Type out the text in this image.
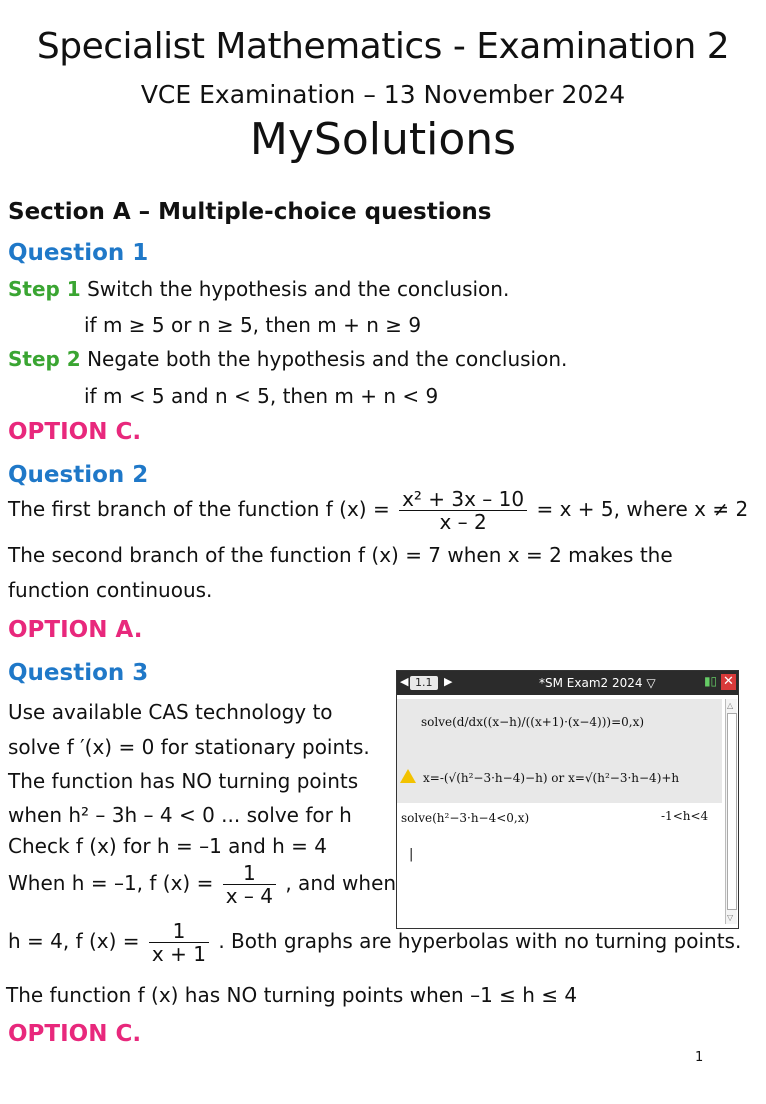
Specialist Mathematics - Examination 2
VCE Examination – 13 November 2024
MySolutions
Section A – Multiple-choice questions
Question 1
Step 1 Switch the hypothesis and the conclusion.
if m ≥ 5 or n ≥ 5, then m + n ≥ 9
Step 2 Negate both the hypothesis and the conclusion.
if m < 5 and n < 5, then m + n < 9
OPTION C.
Question 2
The first branch of the function f $(x) = \frac{\text{x² + 3x – 10}}{x - 2} = x + 5$, where x ≠ 2
The second branch of the function f (x) = 7 when x = 2 makes the
function continuous.
OPTION A.
Question 3
Use available CAS technology to
solve f ′(x) = 0 for stationary points.
The function has NO turning points
when h² – 3h – 4 < 0 ... solve for h
Check f (x) for h = –1 and h = 4
When h = –1, f $(x) = \frac{1}{x - 4}$ , and when
h = 4, f $(x) = \frac{1}{x + 1}$ . Both graphs are hyperbolas with no turning points.
The function f (x) has NO turning points when –1 ≤ h ≤ 4
OPTION C.
◀ 1.1	▶	*SM Exam2 2024 ▽	▮▯ ✕
solve(d/dx((x−h)/((x+1)·(x−4)))=0,x)
x=-(√(h²−3·h−4)−h) or x=√(h²−3·h−4)+h
solve(h²−3·h−4<0,x)	-1<h<4
|
△
▽
1
